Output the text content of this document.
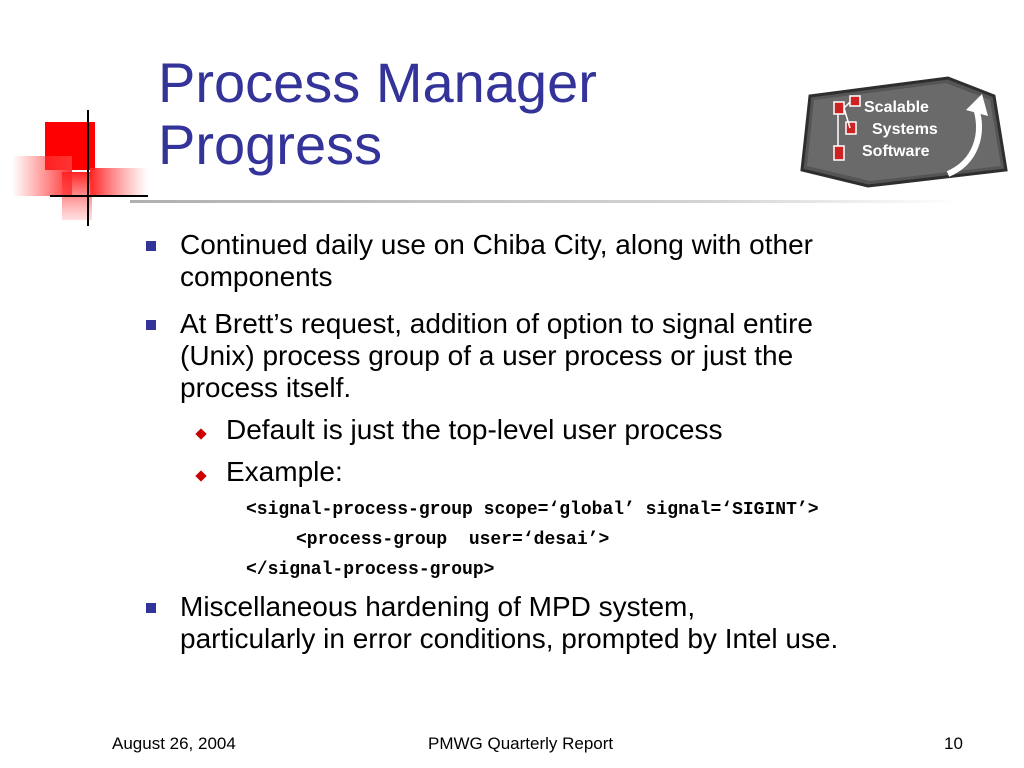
Process Manager
Progress
Scalable
Systems
Software
Continued daily use on Chiba City, along with other
components
At Brett’s request, addition of option to signal entire
(Unix) process group of a user process or just the
process itself.
Default is just the top-level user process
Example:
<signal-process-group scope=‘global’ signal=‘SIGINT’>
<process-group  user=‘desai’>
</signal-process-group>
Miscellaneous hardening of MPD system,
particularly in error conditions, prompted by Intel use.
August 26, 2004	PMWG Quarterly Report	10
